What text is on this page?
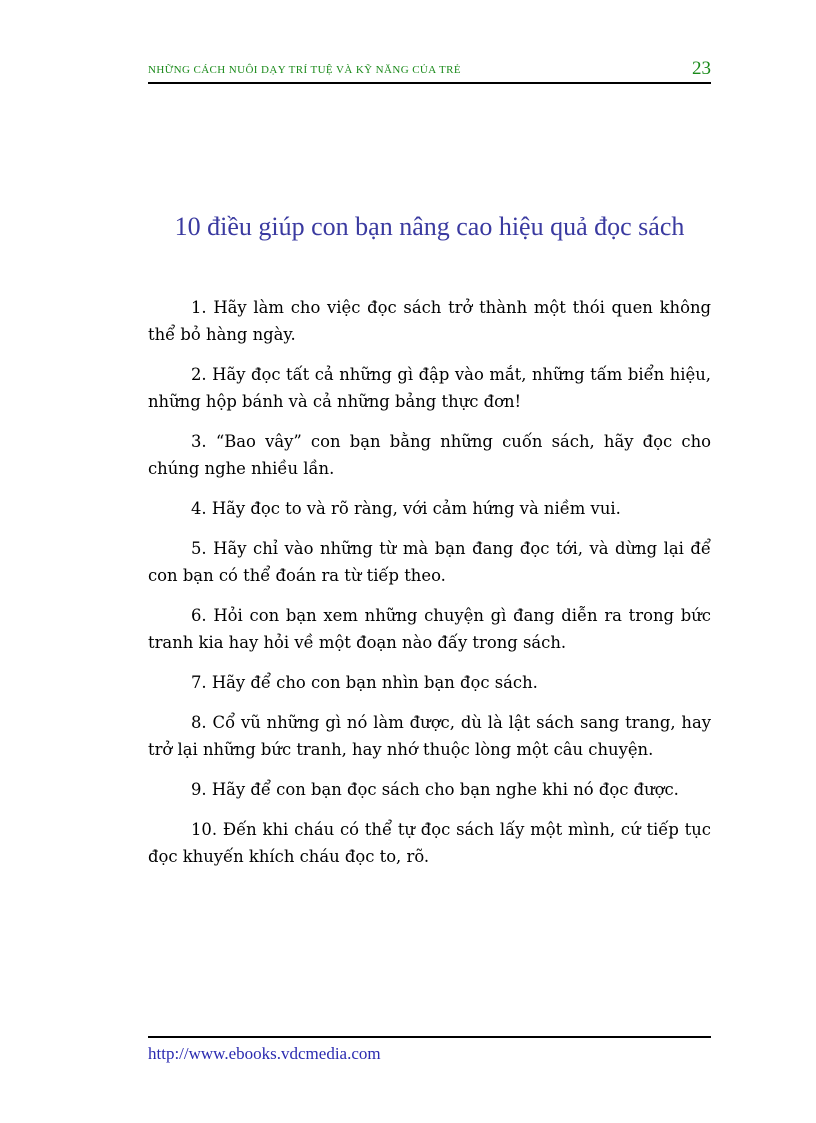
NHỮNG CÁCH NUÔI DẠY TRÍ TUỆ VÀ KỸ NĂNG CỦA TRẺ	23
10 điều giúp con bạn nâng cao hiệu quả đọc sách

1. Hãy làm cho việc đọc sách trở thành một thói quen không thể bỏ hàng ngày.

2. Hãy đọc tất cả những gì đập vào mắt, những tấm biển hiệu, những hộp bánh và cả những bảng thực đơn!

3. “Bao vây” con bạn bằng những cuốn sách, hãy đọc cho chúng nghe nhiều lần.

4. Hãy đọc to và rõ ràng, với cảm hứng và niềm vui.

5. Hãy chỉ vào những từ mà bạn đang đọc tới, và dừng lại để con bạn có thể đoán ra từ tiếp theo.

6. Hỏi con bạn xem những chuyện gì đang diễn ra trong bức tranh kia hay hỏi về một đoạn nào đấy trong sách.

7. Hãy để cho con bạn nhìn bạn đọc sách.

8. Cổ vũ những gì nó làm được, dù là lật sách sang trang, hay trở lại những bức tranh, hay nhớ thuộc lòng một câu chuyện.

9. Hãy để con bạn đọc sách cho bạn nghe khi nó đọc được.

10. Đến khi cháu có thể tự đọc sách lấy một mình, cứ tiếp tục đọc khuyến khích cháu đọc to, rõ.

http://www.ebooks.vdcmedia.com
